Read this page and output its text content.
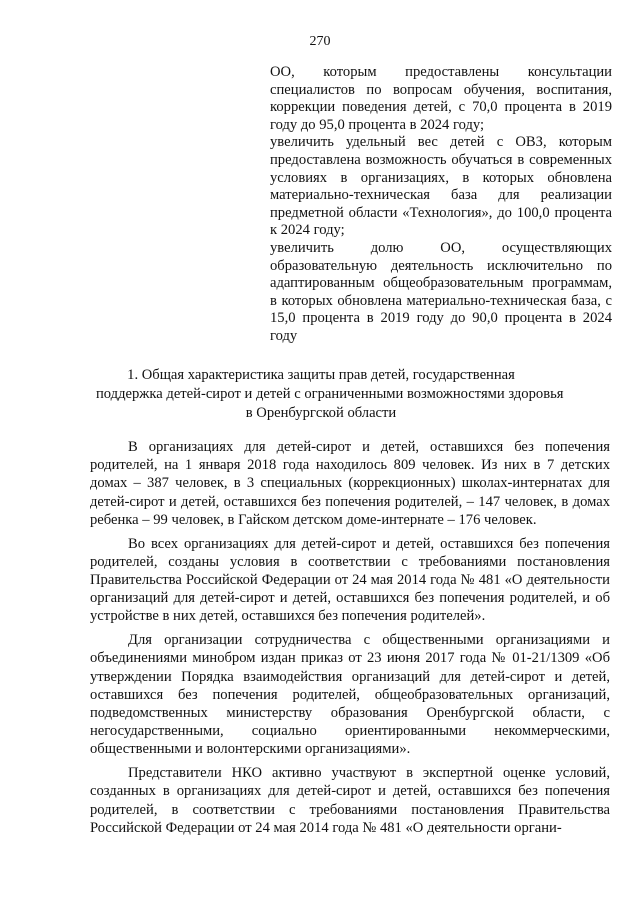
270

ОО, которым предоставлены консультации специалистов по вопросам обучения, воспитания, коррекции поведения детей, с 70,0 процента в 2019 году до 95,0 процента в 2024 году;

увеличить удельный вес детей с ОВЗ, которым предоставлена возможность обучаться в современных условиях в организациях, в которых обновлена материально-техническая база для реализации предметной области «Технология», до 100,0 процента к 2024 году;

увеличить долю ОО, осуществляющих образовательную деятельность исключительно по адаптированным общеобразовательным программам, в которых обновлена материально-техническая база, с 15,0 процента в 2019 году до 90,0 процента в 2024 году

1. Общая характеристика защиты прав детей, государственная
поддержка детей-сирот и детей с ограниченными возможностями здоровья
в Оренбургской области

В организациях для детей-сирот и детей, оставшихся без попечения родителей, на 1 января 2018 года находилось 809 человек. Из них в 7 детских домах – 387 человек, в 3 специальных (коррекционных) школах-интернатах для детей-сирот и детей, оставшихся без попечения родителей, – 147 человек, в домах ребенка – 99 человек, в Гайском детском доме-интернате – 176 человек.

Во всех организациях для детей-сирот и детей, оставшихся без попечения родителей, созданы условия в соответствии с требованиями постановления Правительства Российской Федерации от 24 мая 2014 года № 481 «О деятельности организаций для детей-сирот и детей, оставшихся без попечения родителей, и об устройстве в них детей, оставшихся без попечения родителей».

Для организации сотрудничества с общественными организациями и объединениями минобром издан приказ от 23 июня 2017 года № 01-21/1309 «Об утверждении Порядка взаимодействия организаций для детей-сирот и детей, оставшихся без попечения родителей, общеобразовательных организаций, подведомственных министерству образования Оренбургской области, с негосударственными, социально ориентированными некоммерческими, общественными и волонтерскими организациями».

Представители НКО активно участвуют в экспертной оценке условий, созданных в организациях для детей-сирот и детей, оставшихся без попечения родителей, в соответствии с требованиями постановления Правительства Российской Федерации от 24 мая 2014 года № 481 «О деятельности органи-
